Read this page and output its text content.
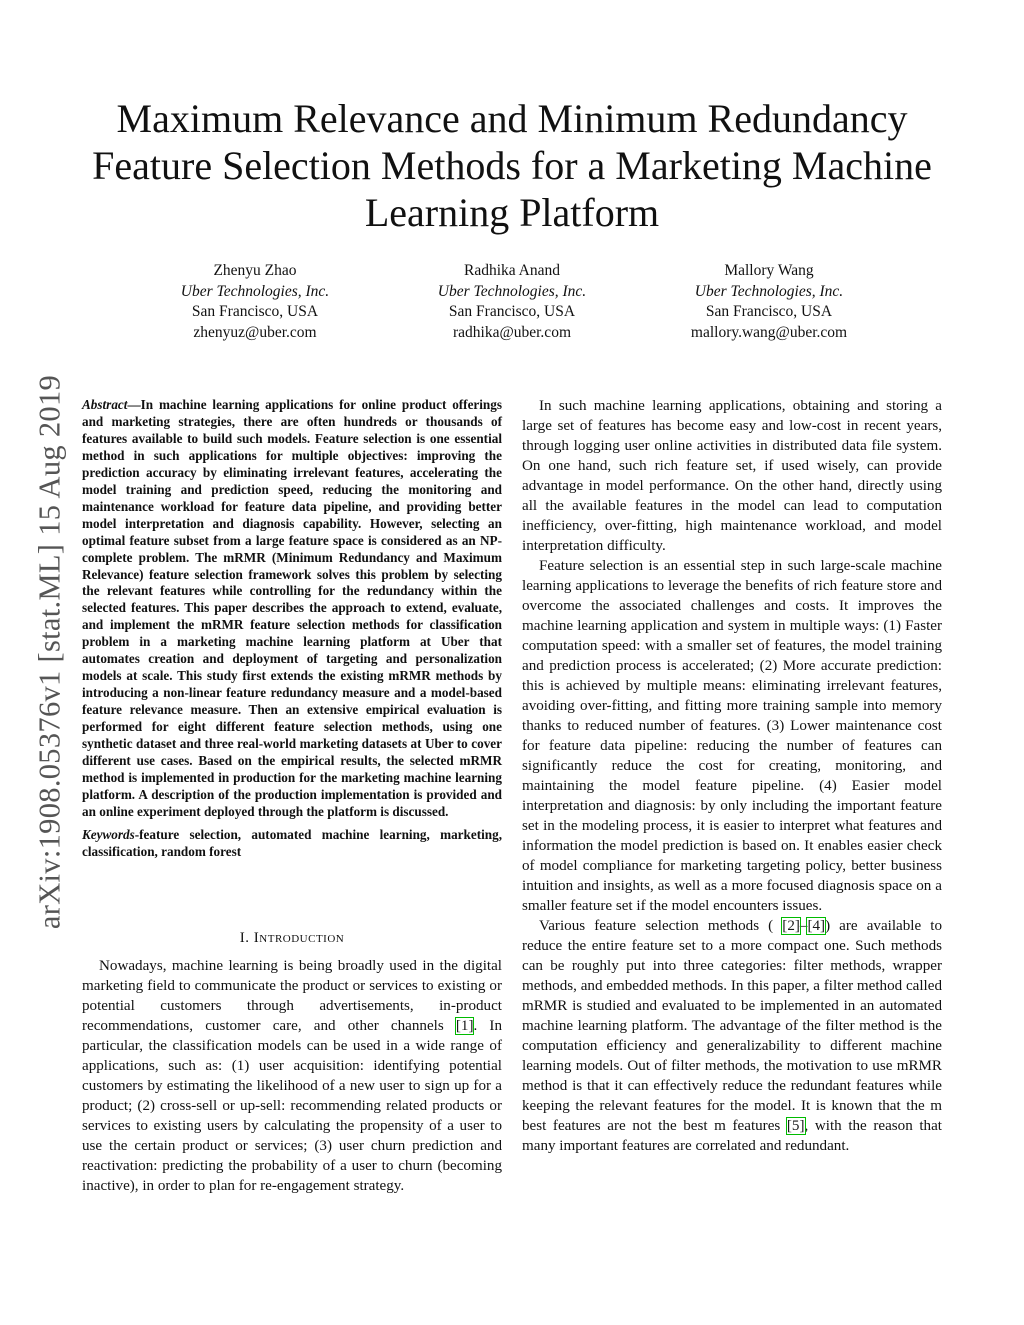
arXiv:1908.05376v1 [stat.ML] 15 Aug 2019
Maximum Relevance and Minimum Redundancy Feature Selection Methods for a Marketing Machine Learning Platform
Zhenyu Zhao
Uber Technologies, Inc.
San Francisco, USA
zhenyuz@uber.com
Radhika Anand
Uber Technologies, Inc.
San Francisco, USA
radhika@uber.com
Mallory Wang
Uber Technologies, Inc.
San Francisco, USA
mallory.wang@uber.com

Abstract—In machine learning applications for online product offerings and marketing strategies, there are often hundreds or thousands of features available to build such models. Feature selection is one essential method in such applications for multiple objectives: improving the prediction accuracy by eliminating irrelevant features, accelerating the model training and prediction speed, reducing the monitoring and maintenance workload for feature data pipeline, and providing better model interpretation and diagnosis capability. However, selecting an optimal feature subset from a large feature space is considered as an NP-complete problem. The mRMR (Minimum Redundancy and Maximum Relevance) feature selection framework solves this problem by selecting the relevant features while controlling for the redundancy within the selected features. This paper describes the approach to extend, evaluate, and implement the mRMR feature selection methods for classification problem in a marketing machine learning platform at Uber that automates creation and deployment of targeting and personalization models at scale. This study first extends the existing mRMR methods by introducing a non-linear feature redundancy measure and a model-based feature relevance measure. Then an extensive empirical evaluation is performed for eight different feature selection methods, using one synthetic dataset and three real-world marketing datasets at Uber to cover different use cases. Based on the empirical results, the selected mRMR method is implemented in production for the marketing machine learning platform. A description of the production implementation is provided and an online experiment deployed through the platform is discussed.

Keywords-feature selection, automated machine learning, marketing, classification, random forest

I. Introduction

Nowadays, machine learning is being broadly used in the digital marketing field to communicate the product or services to existing or potential customers through advertisements, in-product recommendations, customer care, and other channels [1]. In particular, the classification models can be used in a wide range of applications, such as: (1) user acquisition: identifying potential customers by estimating the likelihood of a new user to sign up for a product; (2) cross-sell or up-sell: recommending related products or services to existing users by calculating the propensity of a user to use the certain product or services; (3) user churn prediction and reactivation: predicting the probability of a user to churn (becoming inactive), in order to plan for re-engagement strategy.

In such machine learning applications, obtaining and storing a large set of features has become easy and low-cost in recent years, through logging user online activities in distributed data file system. On one hand, such rich feature set, if used wisely, can provide advantage in model performance. On the other hand, directly using all the available features in the model can lead to computation inefficiency, over-fitting, high maintenance workload, and model interpretation difficulty.

Feature selection is an essential step in such large-scale machine learning applications to leverage the benefits of rich feature store and overcome the associated challenges and costs. It improves the machine learning application and system in multiple ways: (1) Faster computation speed: with a smaller set of features, the model training and prediction process is accelerated; (2) More accurate prediction: this is achieved by multiple means: eliminating irrelevant features, avoiding over-fitting, and fitting more training sample into memory thanks to reduced number of features. (3) Lower maintenance cost for feature data pipeline: reducing the number of features can significantly reduce the cost for creating, monitoring, and maintaining the model feature pipeline. (4) Easier model interpretation and diagnosis: by only including the important feature set in the modeling process, it is easier to interpret what features and information the model prediction is based on. It enables easier check of model compliance for marketing targeting policy, better business intuition and insights, as well as a more focused diagnosis space on a smaller feature set if the model encounters issues.

Various feature selection methods ( [2]–[4]) are available to reduce the entire feature set to a more compact one. Such methods can be roughly put into three categories: filter methods, wrapper methods, and embedded methods. In this paper, a filter method called mRMR is studied and evaluated to be implemented in an automated machine learning platform. The advantage of the filter method is the computation efficiency and generalizability to different machine learning models. Out of filter methods, the motivation to use mRMR method is that it can effectively reduce the redundant features while keeping the relevant features for the model. It is known that the m best features are not the best m features [5], with the reason that many important features are correlated and redundant.
